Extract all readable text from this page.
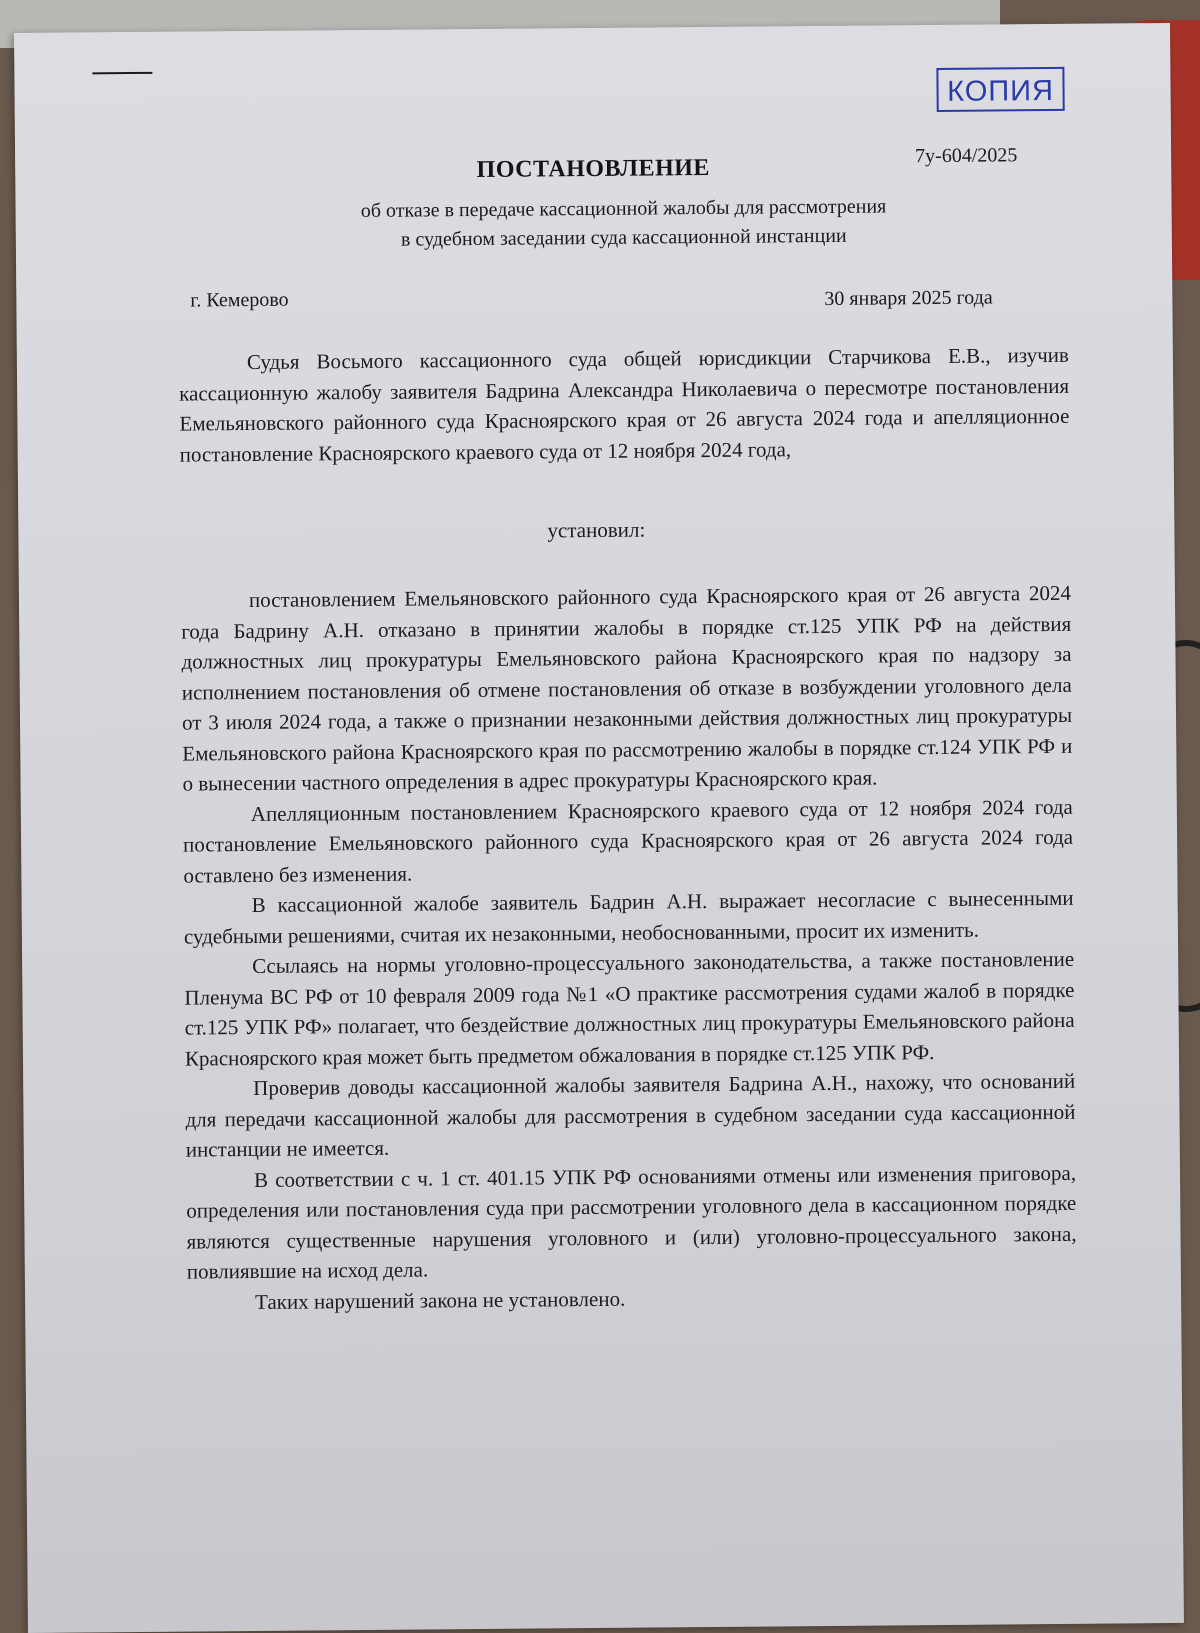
КОПИЯ
7у-604/2025
ПОСТАНОВЛЕНИЕ
об отказе в передаче кассационной жалобы для рассмотрения
в судебном заседании суда кассационной инстанции
г. Кемерово	30 января 2025 года

Судья Восьмого кассационного суда общей юрисдикции Старчикова Е.В., изучив кассационную жалобу заявителя Бадрина Александра Николаевича о пересмотре постановления Емельяновского районного суда Красноярского края от 26 августа 2024 года и апелляционное постановление Красноярского краевого суда от 12 ноября 2024 года,

установил:

постановлением Емельяновского районного суда Красноярского края от 26 августа 2024 года Бадрину А.Н. отказано в принятии жалобы в порядке ст.125 УПК РФ на действия должностных лиц прокуратуры Емельяновского района Красноярского края по надзору за исполнением постановления об отмене постановления об отказе в возбуждении уголовного дела от 3 июля 2024 года, а также о признании незаконными действия должностных лиц прокуратуры Емельяновского района Красноярского края по рассмотрению жалобы в порядке ст.124 УПК РФ и о вынесении частного определения в адрес прокуратуры Красноярского края.

Апелляционным постановлением Красноярского краевого суда от 12 ноября 2024 года постановление Емельяновского районного суда Красноярского края от 26 августа 2024 года оставлено без изменения.

В кассационной жалобе заявитель Бадрин А.Н. выражает несогласие с вынесенными судебными решениями, считая их незаконными, необоснованными, просит их изменить.

Ссылаясь на нормы уголовно-процессуального законодательства, а также постановление Пленума ВС РФ от 10 февраля 2009 года №1 «О практике рассмотрения судами жалоб в порядке ст.125 УПК РФ» полагает, что бездействие должностных лиц прокуратуры Емельяновского района Красноярского края может быть предметом обжалования в порядке ст.125 УПК РФ.

Проверив доводы кассационной жалобы заявителя Бадрина А.Н., нахожу, что оснований для передачи кассационной жалобы для рассмотрения в судебном заседании суда кассационной инстанции не имеется.

В соответствии с ч. 1 ст. 401.15 УПК РФ основаниями отмены или изменения приговора, определения или постановления суда при рассмотрении уголовного дела в кассационном порядке являются существенные нарушения уголовного и (или) уголовно-процессуального закона, повлиявшие на исход дела.

Таких нарушений закона не установлено.
